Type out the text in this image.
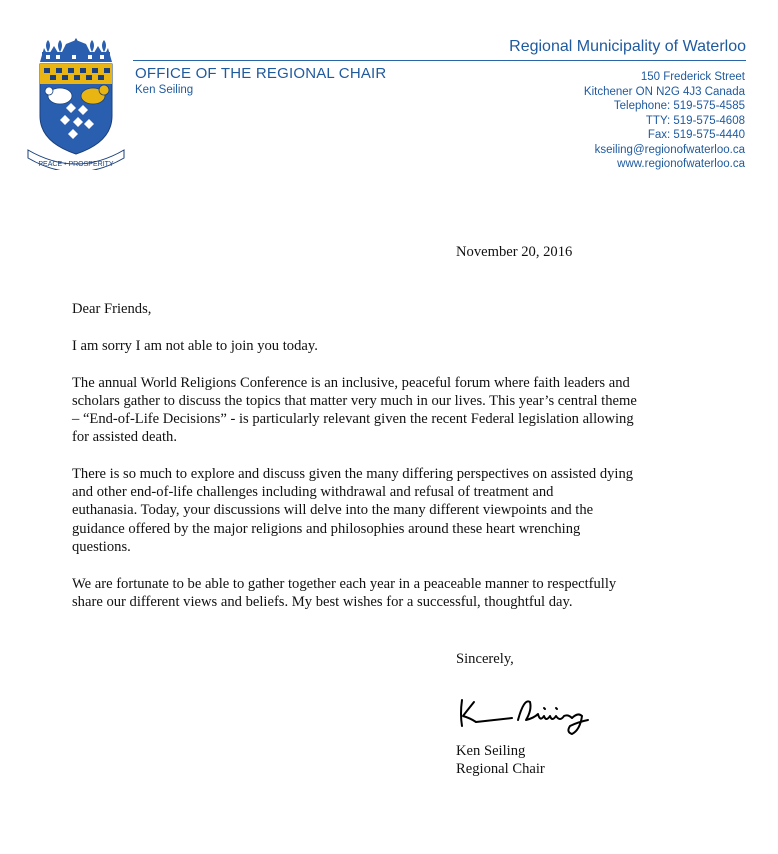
PEACE • PROSPERITY
Regional Municipality of Waterloo
OFFICE OF THE REGIONAL CHAIR
Ken Seiling
150 Frederick Street
Kitchener ON N2G 4J3 Canada
Telephone: 519-575-4585
TTY: 519-575-4608
Fax: 519-575-4440
kseiling@regionofwaterloo.ca
www.regionofwaterloo.ca
November 20, 2016

Dear Friends,

I am sorry I am not able to join you today.

The annual World Religions Conference is an inclusive, peaceful forum where faith leaders and
scholars gather to discuss the topics that matter very much in our lives. This year’s central theme
– “End-of-Life Decisions” - is particularly relevant given the recent Federal legislation allowing
for assisted death.

There is so much to explore and discuss given the many differing perspectives on assisted dying
and other end-of-life challenges including withdrawal and refusal of treatment and
euthanasia. Today, your discussions will delve into the many different viewpoints and the
guidance offered by the major religions and philosophies around these heart wrenching
questions.

We are fortunate to be able to gather together each year in a peaceable manner to respectfully
share our different views and beliefs. My best wishes for a successful, thoughtful day.

Sincerely,
Ken Seiling
Regional Chair
